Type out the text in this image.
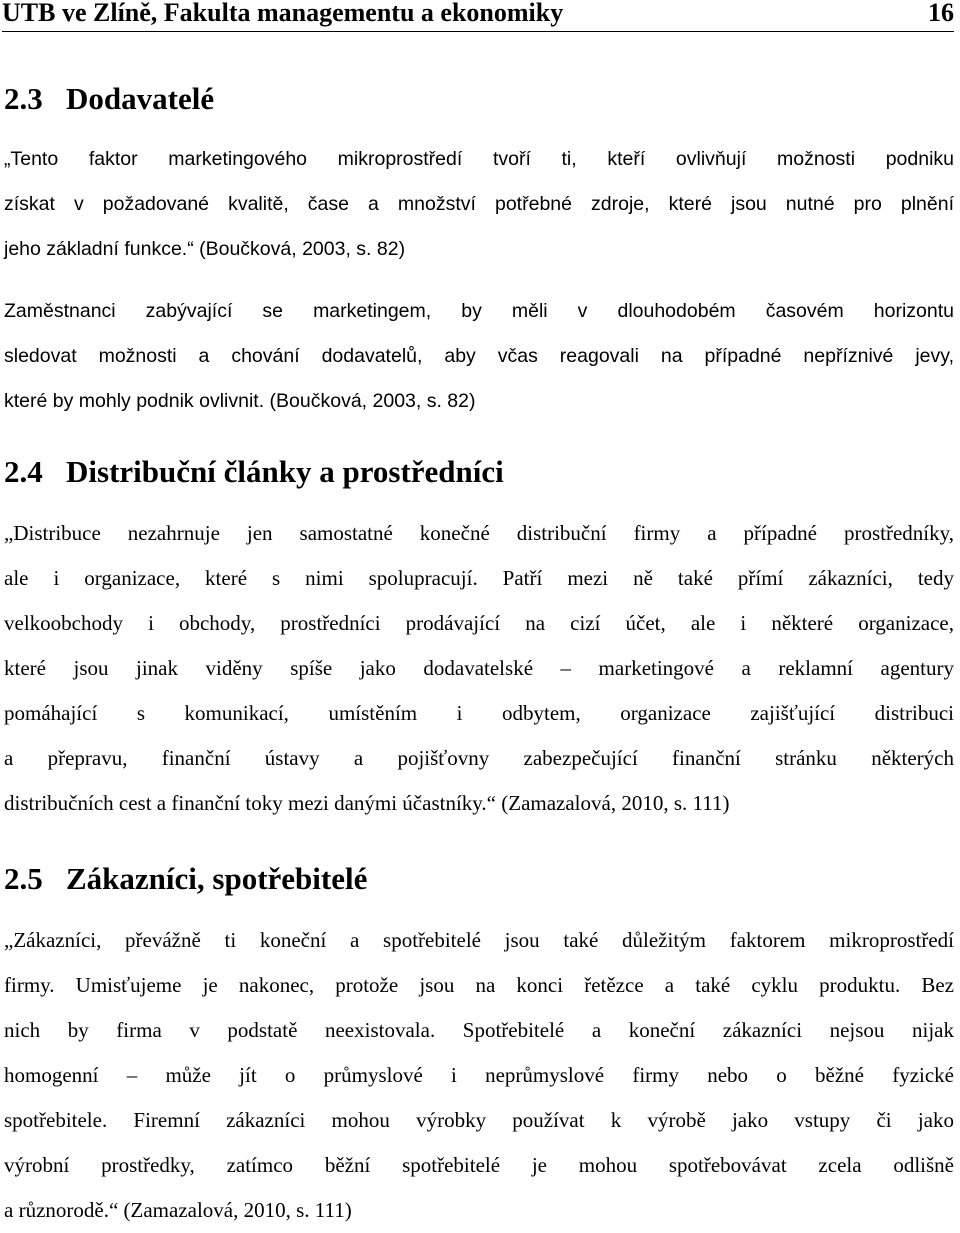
UTB ve Zlíně, Fakulta managementu a ekonomiky	16
2.3 Dodavatelé
„Tento faktor marketingového mikroprostředí tvoří ti, kteří ovlivňují možnosti podniku
získat v požadované kvalitě, čase a množství potřebné zdroje, které jsou nutné pro plnění
jeho základní funkce.“ (Boučková, 2003, s. 82)
Zaměstnanci zabývající se marketingem, by měli v dlouhodobém časovém horizontu
sledovat možnosti a chování dodavatelů, aby včas reagovali na případné nepříznivé jevy,
které by mohly podnik ovlivnit. (Boučková, 2003, s. 82)
2.4 Distribuční články a prostředníci
„Distribuce nezahrnuje jen samostatné konečné distribuční firmy a případné prostředníky,
ale i organizace, které s nimi spolupracují. Patří mezi ně také přímí zákazníci, tedy
velkoobchody i obchody, prostředníci prodávající na cizí účet, ale i některé organizace,
které jsou jinak viděny spíše jako dodavatelské – marketingové a reklamní agentury
pomáhající s komunikací, umístěním i odbytem, organizace zajišťující distribuci
a přepravu, finanční ústavy a pojišťovny zabezpečující finanční stránku některých
distribučních cest a finanční toky mezi danými účastníky.“ (Zamazalová, 2010, s. 111)
2.5 Zákazníci, spotřebitelé
„Zákazníci, převážně ti koneční a spotřebitelé jsou také důležitým faktorem mikroprostředí
firmy. Umisťujeme je nakonec, protože jsou na konci řetězce a také cyklu produktu. Bez
nich by firma v podstatě neexistovala. Spotřebitelé a koneční zákazníci nejsou nijak
homogenní – může jít o průmyslové i neprůmyslové firmy nebo o běžné fyzické
spotřebitele. Firemní zákazníci mohou výrobky používat k výrobě jako vstupy či jako
výrobní prostředky, zatímco běžní spotřebitelé je mohou spotřebovávat zcela odlišně
a různorodě.“ (Zamazalová, 2010, s. 111)
